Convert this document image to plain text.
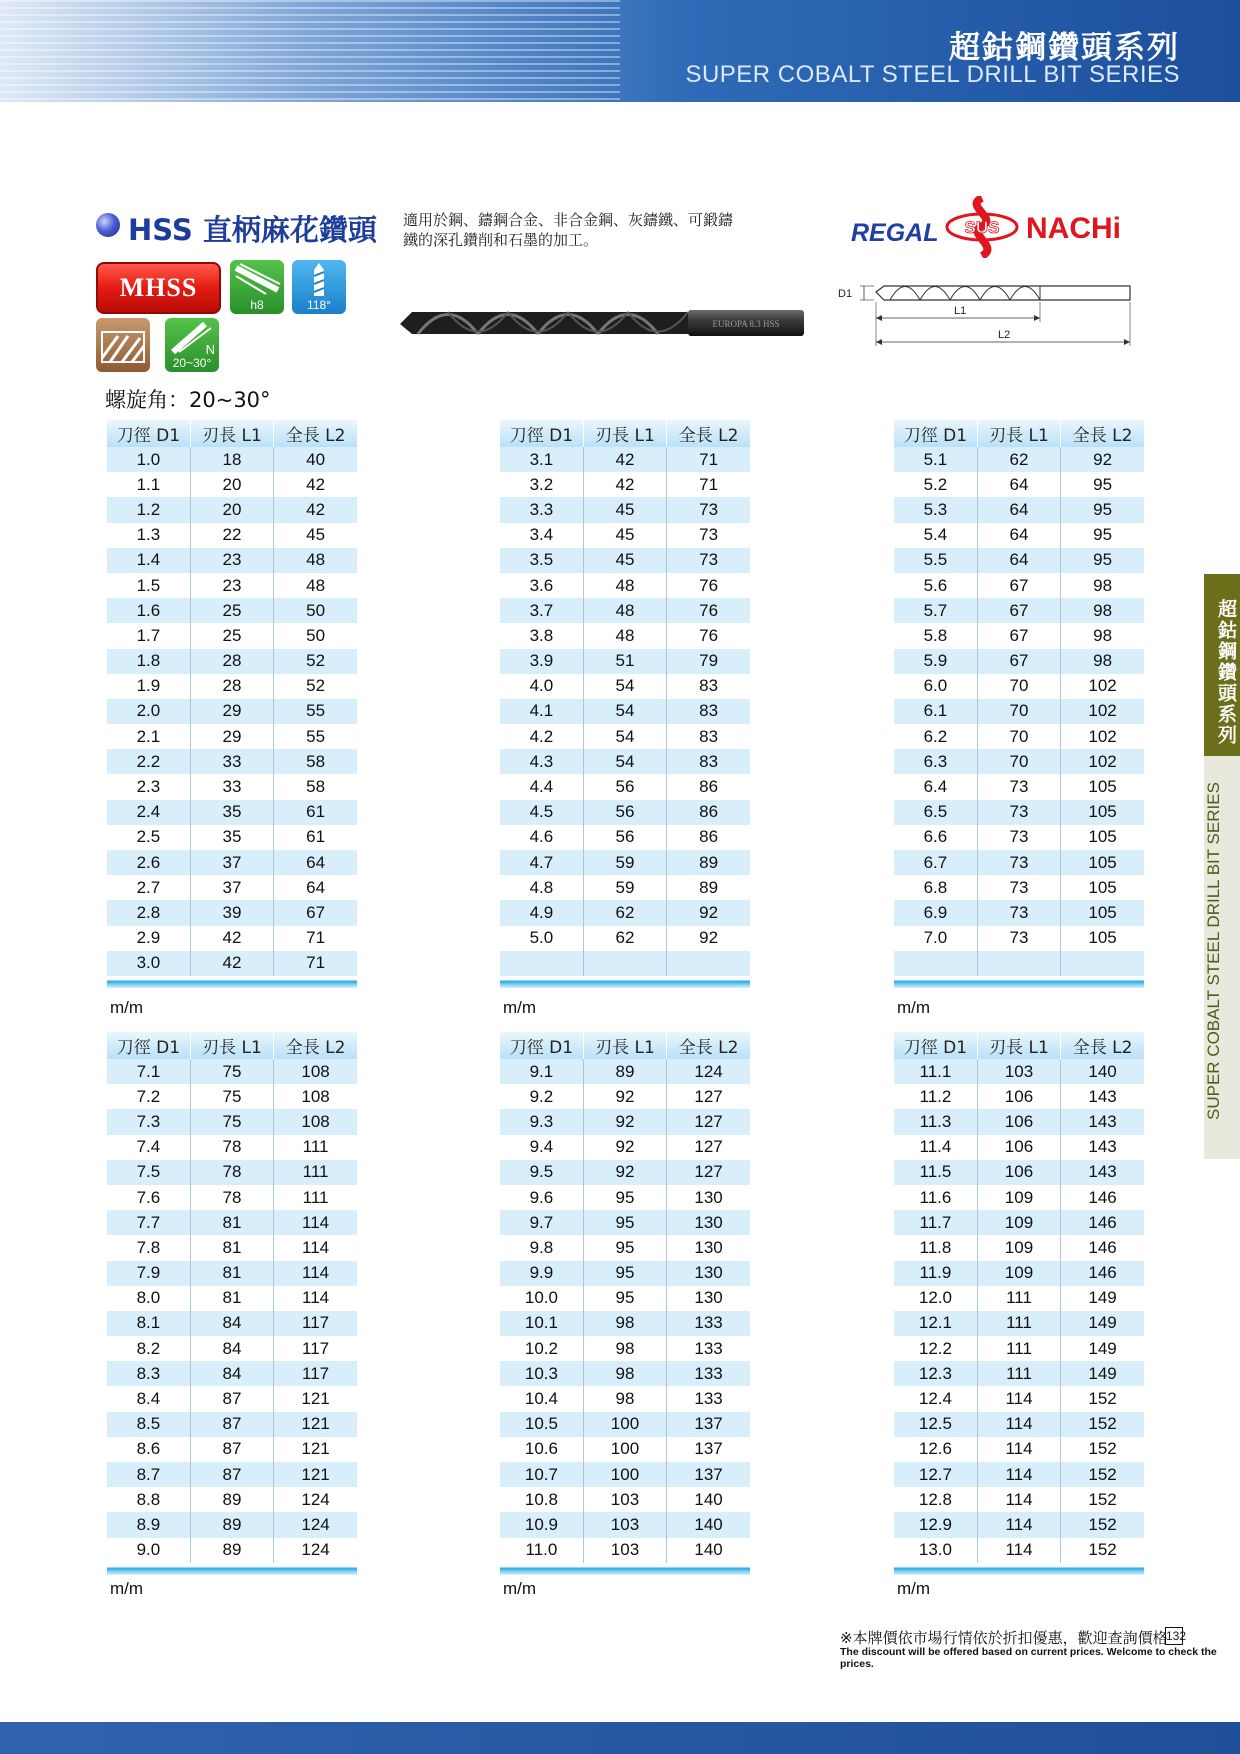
超鈷鋼鑽頭系列
SUPER COBALT STEEL DRILL BIT SERIES
超鈷鋼鑽頭系列
SUPER COBALT STEEL DRILL BIT SERIES
HSS 直柄麻花鑽頭 適用於鋼、鑄鋼合金、非合金鋼、灰鑄鐵、可鍛鑄鐵的深孔鑽削和石墨的加工。	REGAL SUS NACHi
MHSS
h8	118°
N
20~30°
螺旋角：20~30°
EUROPA 8.3 HSS
D1
L1
L2
刀徑 D1	刃長 L1	全長 L2
1.0	18	40
1.1	20	42
1.2	20	42
1.3	22	45
1.4	23	48
1.5	23	48
1.6	25	50
1.7	25	50
1.8	28	52
1.9	28	52
2.0	29	55
2.1	29	55
2.2	33	58
2.3	33	58
2.4	35	61
2.5	35	61
2.6	37	64
2.7	37	64
2.8	39	67
2.9	42	71
3.0	42	71

刀徑 D1	刃長 L1	全長 L2
3.1	42	71
3.2	42	71
3.3	45	73
3.4	45	73
3.5	45	73
3.6	48	76
3.7	48	76
3.8	48	76
3.9	51	79
4.0	54	83
4.1	54	83
4.2	54	83
4.3	54	83
4.4	56	86
4.5	56	86
4.6	56	86
4.7	59	89
4.8	59	89
4.9	62	92
5.0	62	92

刀徑 D1	刃長 L1	全長 L2
5.1	62	92
5.2	64	95
5.3	64	95
5.4	64	95
5.5	64	95
5.6	67	98
5.7	67	98
5.8	67	98
5.9	67	98
6.0	70	102
6.1	70	102
6.2	70	102
6.3	70	102
6.4	73	105
6.5	73	105
6.6	73	105
6.7	73	105
6.8	73	105
6.9	73	105
7.0	73	105

刀徑 D1	刃長 L1	全長 L2
7.1	75	108
7.2	75	108
7.3	75	108
7.4	78	111
7.5	78	111
7.6	78	111
7.7	81	114
7.8	81	114
7.9	81	114
8.0	81	114
8.1	84	117
8.2	84	117
8.3	84	117
8.4	87	121
8.5	87	121
8.6	87	121
8.7	87	121
8.8	89	124
8.9	89	124
9.0	89	124

刀徑 D1	刃長 L1	全長 L2
9.1	89	124
9.2	92	127
9.3	92	127
9.4	92	127
9.5	92	127
9.6	95	130
9.7	95	130
9.8	95	130
9.9	95	130
10.0	95	130
10.1	98	133
10.2	98	133
10.3	98	133
10.4	98	133
10.5	100	137
10.6	100	137
10.7	100	137
10.8	103	140
10.9	103	140
11.0	103	140

刀徑 D1	刃長 L1	全長 L2
11.1	103	140
11.2	106	143
11.3	106	143
11.4	106	143
11.5	106	143
11.6	109	146
11.7	109	146
11.8	109	146
11.9	109	146
12.0	111	149
12.1	111	149
12.2	111	149
12.3	111	149
12.4	114	152
12.5	114	152
12.6	114	152
12.7	114	152
12.8	114	152
12.9	114	152
13.0	114	152

m/m	m/m	m/m
m/m	m/m	m/m
※本牌價依市場行情依於折扣優惠，歡迎查詢價格
The discount will be offered based on current prices. Welcome to check the prices.
132
